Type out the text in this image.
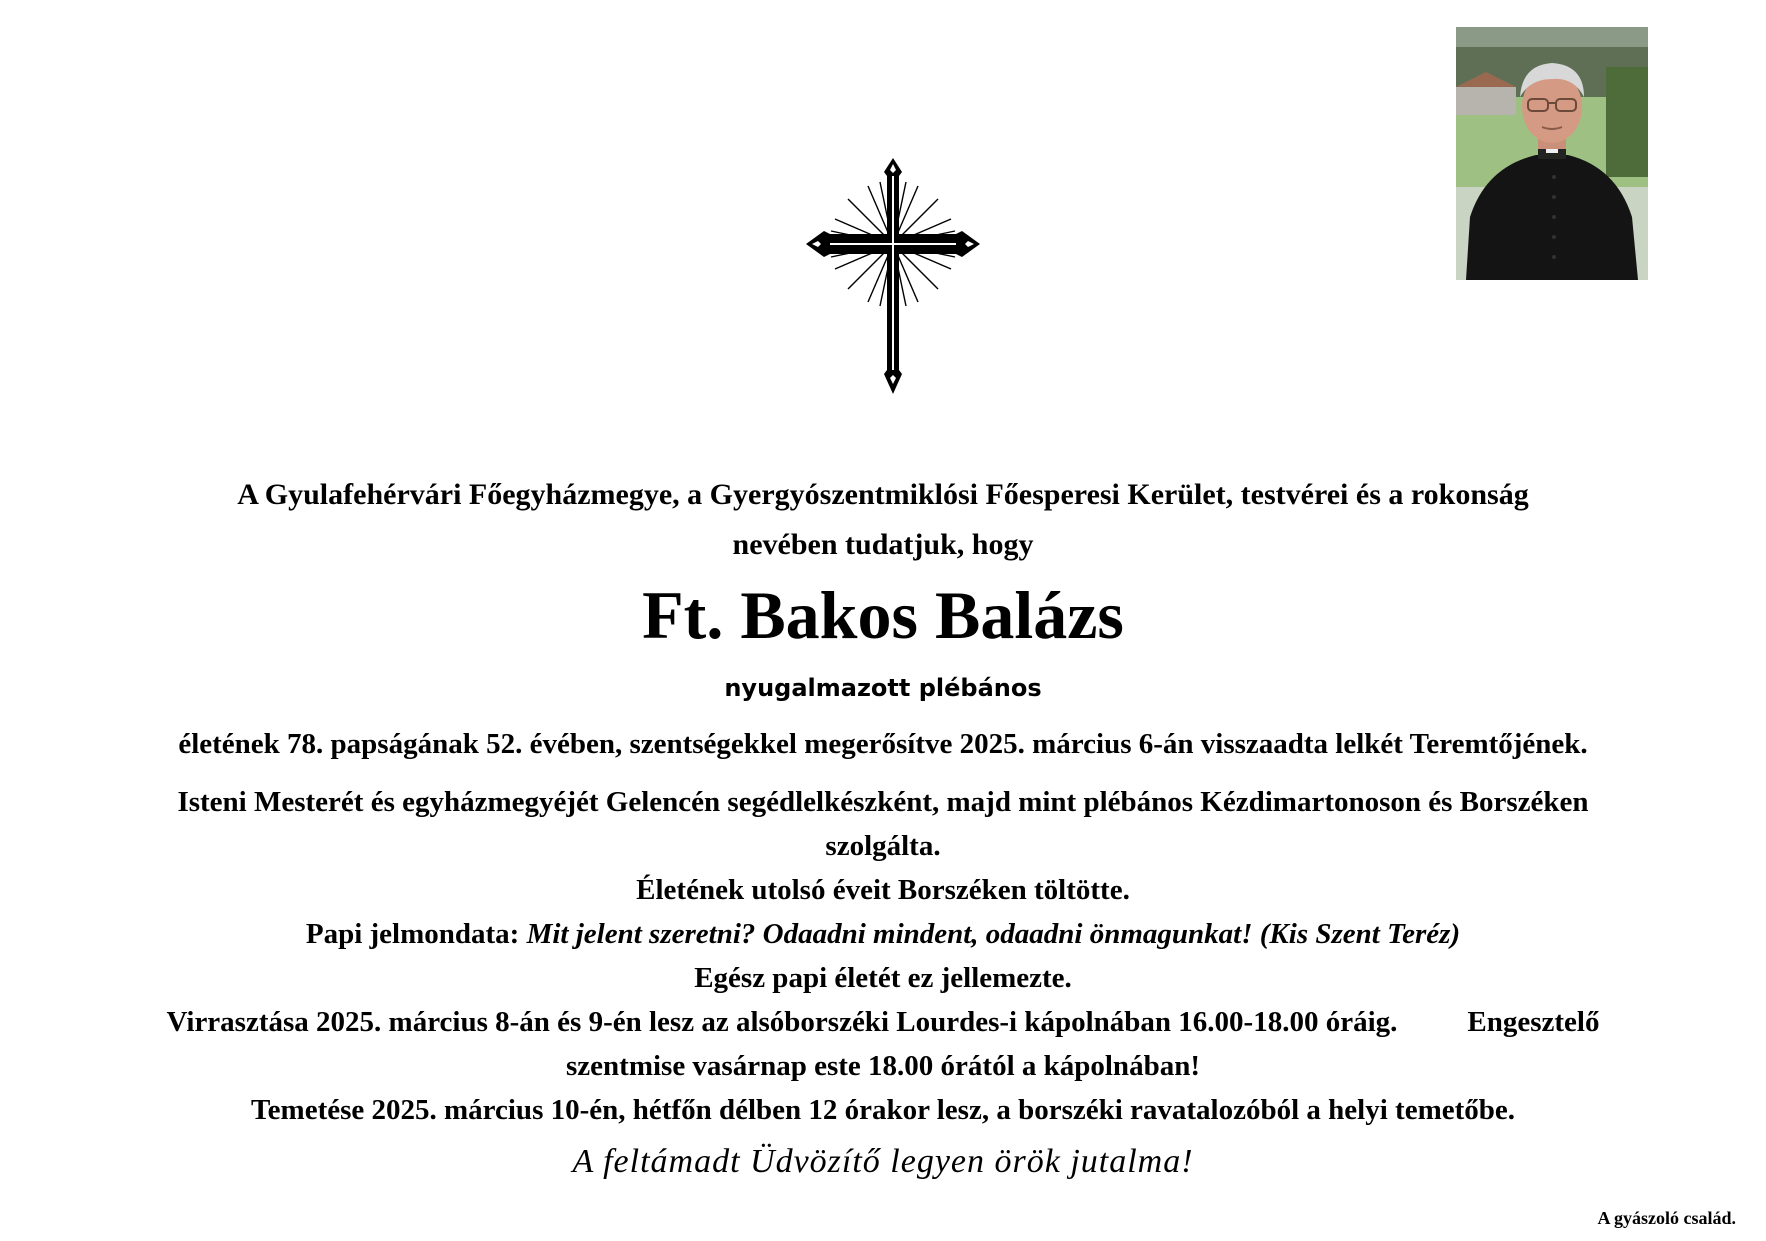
A Gyulafehérvári Főegyházmegye, a Gyergyószentmiklósi Főesperesi Kerület, testvérei és a rokonság

nevében tudatjuk, hogy

Ft. Bakos Balázs

nyugalmazott plébános

életének 78. papságának 52. évében, szentségekkel megerősítve 2025. március 6-án visszaadta lelkét Teremtőjének.

Isteni Mesterét és egyházmegyéjét Gelencén segédlelkészként, majd mint plébános Kézdimartonoson és Borszéken

szolgálta.

Életének utolsó éveit Borszéken töltötte.

Papi jelmondata: Mit jelent szeretni? Odaadni mindent, odaadni önmagunkat! (Kis Szent Teréz)

Egész papi életét ez jellemezte.

Virrasztása 2025. március 8-án és 9-én lesz az alsóborszéki Lourdes-i kápolnában 16.00-18.00 óráig. Engesztelő

szentmise vasárnap este 18.00 órától a kápolnában!

Temetése 2025. március 10-én, hétfőn délben 12 órakor lesz, a borszéki ravatalozóból a helyi temetőbe.

A feltámadt Üdvözítő legyen örök jutalma!

A gyászoló család.
